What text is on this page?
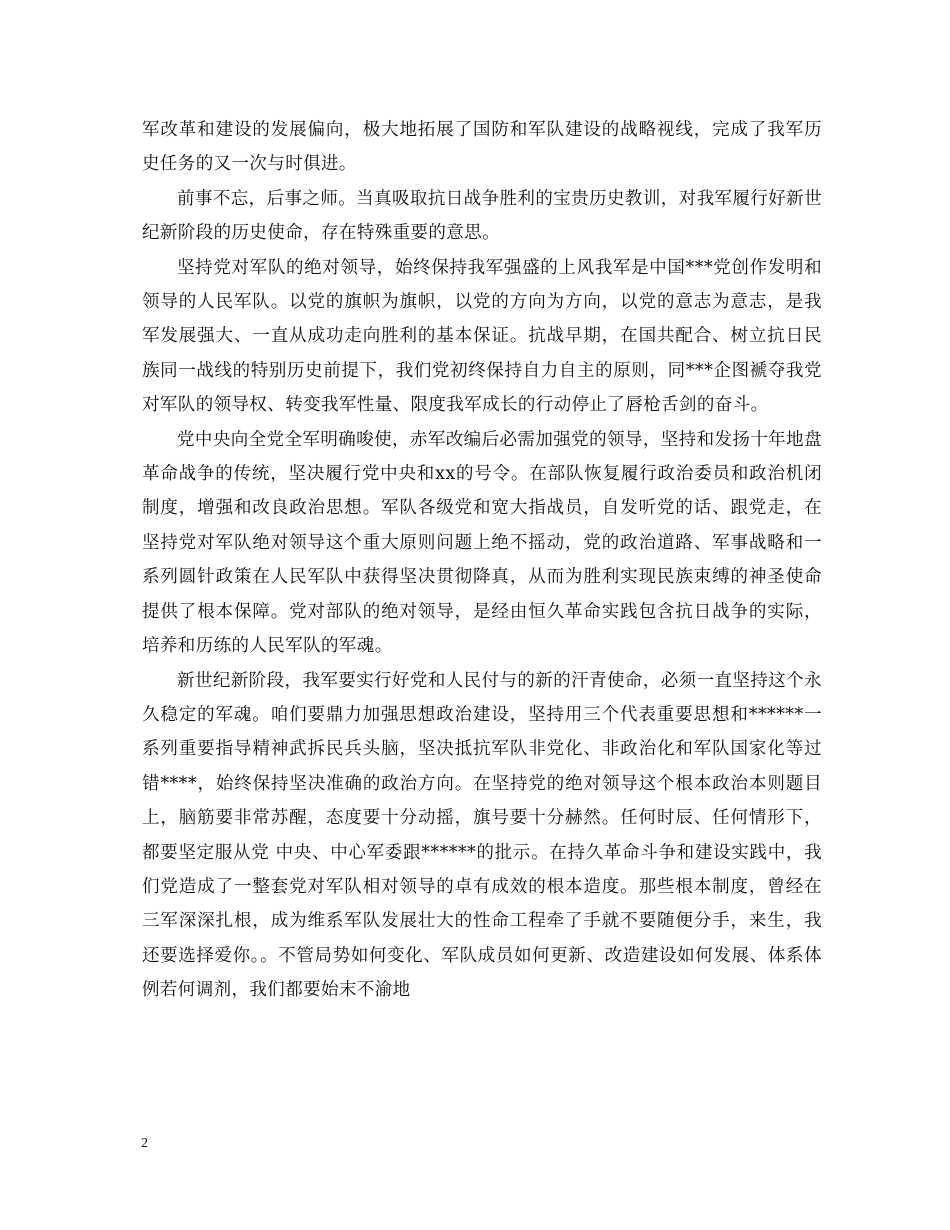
军改革和建设的发展偏向，极大地拓展了国防和军队建设的战略视线，完成了我军历史任务的又一次与时俱进。

前事不忘，后事之师。当真吸取抗日战争胜利的宝贵历史教训，对我军履行好新世纪新阶段的历史使命，存在特殊重要的意思。

坚持党对军队的绝对领导，始终保持我军强盛的上风我军是中国***党创作发明和领导的人民军队。以党的旗帜为旗帜，以党的方向为方向，以党的意志为意志，是我军发展强大、一直从成功走向胜利的基本保证。抗战早期，在国共配合、树立抗日民族同一战线的特别历史前提下，我们党初终保持自力自主的原则，同***企图褫夺我党对军队的领导权、转变我军性量、限度我军成长的行动停止了唇枪舌剑的奋斗。

党中央向全党全军明确唆使，赤军改编后必需加强党的领导，坚持和发扬十年地盘革命战争的传统，坚决履行党中央和xx的号令。在部队恢复履行政治委员和政治机闭制度，增强和改良政治思想。军队各级党和宽大指战员，自发听党的话、跟党走，在坚持党对军队绝对领导这个重大原则问题上绝不摇动，党的政治道路、军事战略和一系列圆针政策在人民军队中获得坚决贯彻降真，从而为胜利实现民族束缚的神圣使命提供了根本保障。党对部队的绝对领导，是经由恒久革命实践包含抗日战争的实际，培养和历练的人民军队的军魂。

新世纪新阶段，我军要实行好党和人民付与的新的汗青使命，必须一直坚持这个永久稳定的军魂。咱们要鼎力加强思想政治建设，坚持用三个代表重要思想和******一系列重要指导精神武拆民兵头脑，坚决抵抗军队非党化、非政治化和军队国家化等过错****，始终保持坚决准确的政治方向。在坚持党的绝对领导这个根本政治本则题目上，脑筋要非常苏醒，态度要十分动摇，旗号要十分赫然。任何时辰、任何情形下，都要坚定服从党 中央、中心军委跟******的批示。在持久革命斗争和建设实践中，我们党造成了一整套党对军队相对领导的卓有成效的根本造度。那些根本制度，曾经在三军深深扎根，成为维系军队发展壮大的性命工程牵了手就不要随便分手，来生，我还要选择爱你。。不管局势如何变化、军队成员如何更新、改造建设如何发展、体系体例若何调剂，我们都要始末不渝地

2
